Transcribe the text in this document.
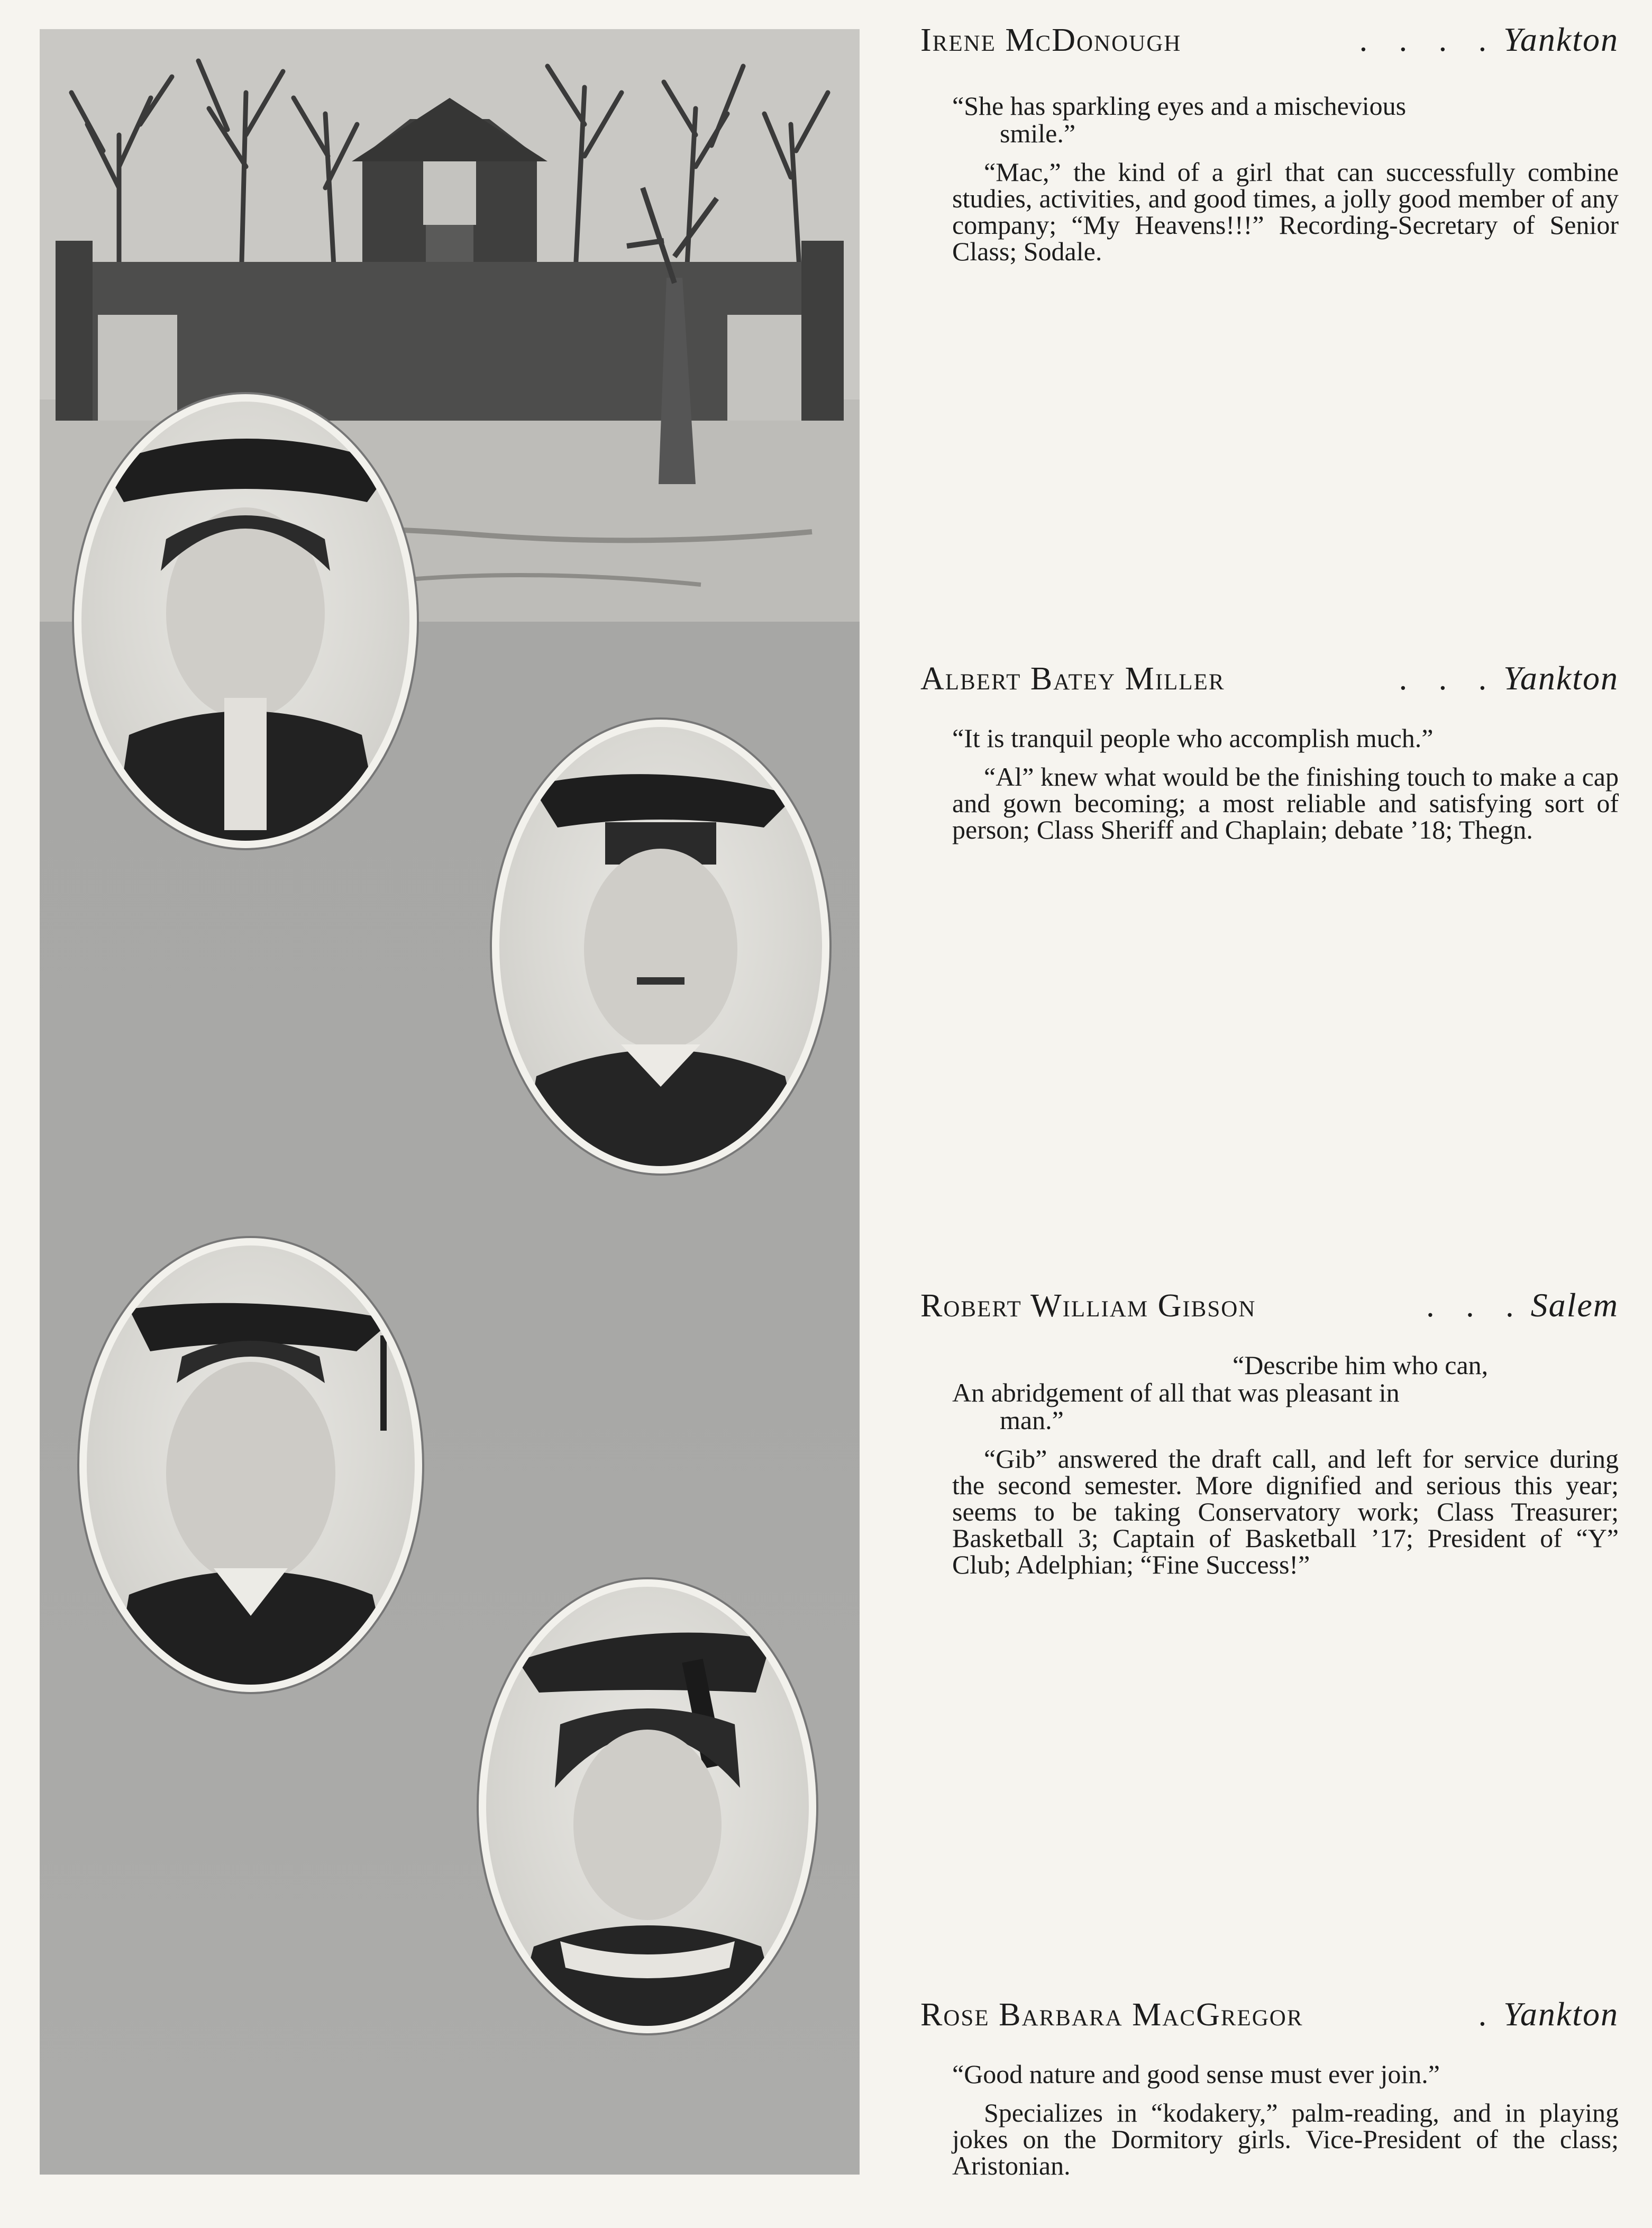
Irene McDonough	. . . . Yankton
“She has sparkling eyes and a mischevious
smile.”
“Mac,” the kind of a girl that can successfully combine studies, activities, and good times, a jolly good member of any company; “My Heavens!!!” Recording-Secretary of Senior Class; Sodale.
Albert Batey Miller	. . . Yankton
“It is tranquil people who accomplish much.”
“Al” knew what would be the finishing touch to make a cap and gown becoming; a most reliable and satisfying sort of person; Class Sheriff and Chaplain; debate ’18; Thegn.
Robert William Gibson	. . . Salem
“Describe him who can,
An abridgement of all that was pleasant in
man.”
“Gib” answered the draft call, and left for service during the second semester. More dignified and serious this year; seems to be taking Conservatory work; Class Treasurer; Basketball 3; Captain of Basketball ’17; President of “Y” Club; Adelphian; “Fine Success!”
Rose Barbara MacGregor	. Yankton
“Good nature and good sense must ever join.”
Specializes in “kodakery,” palm-reading, and in playing jokes on the Dormitory girls. Vice-President of the class; Aristonian.
